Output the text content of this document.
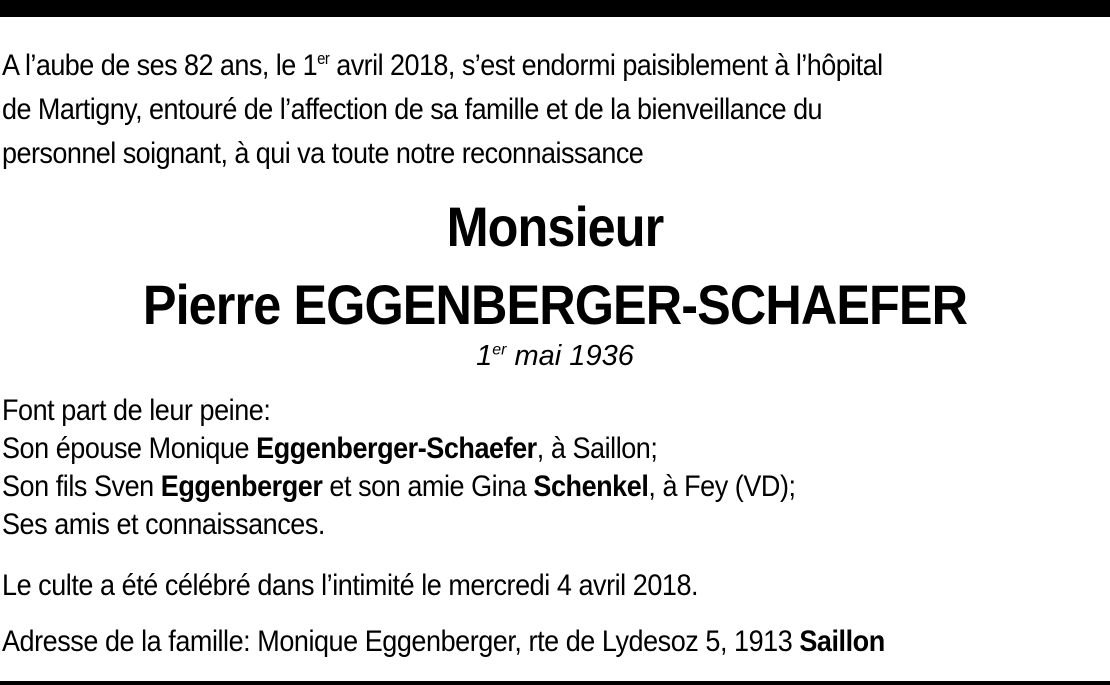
A l’aube de ses 82 ans, le 1er avril 2018, s’est endormi paisiblement à l’hôpital
de Martigny, entouré de l’affection de sa famille et de la bienveillance du
personnel soignant, à qui va toute notre reconnaissance
Monsieur
Pierre EGGENBERGER-SCHAEFER
1er mai 1936
Font part de leur peine:
Son épouse Monique Eggenberger-Schaefer, à Saillon;
Son fils Sven Eggenberger et son amie Gina Schenkel, à Fey (VD);
Ses amis et connaissances.
Le culte a été célébré dans l’intimité le mercredi 4 avril 2018.
Adresse de la famille: Monique Eggenberger, rte de Lydesoz 5, 1913 Saillon
